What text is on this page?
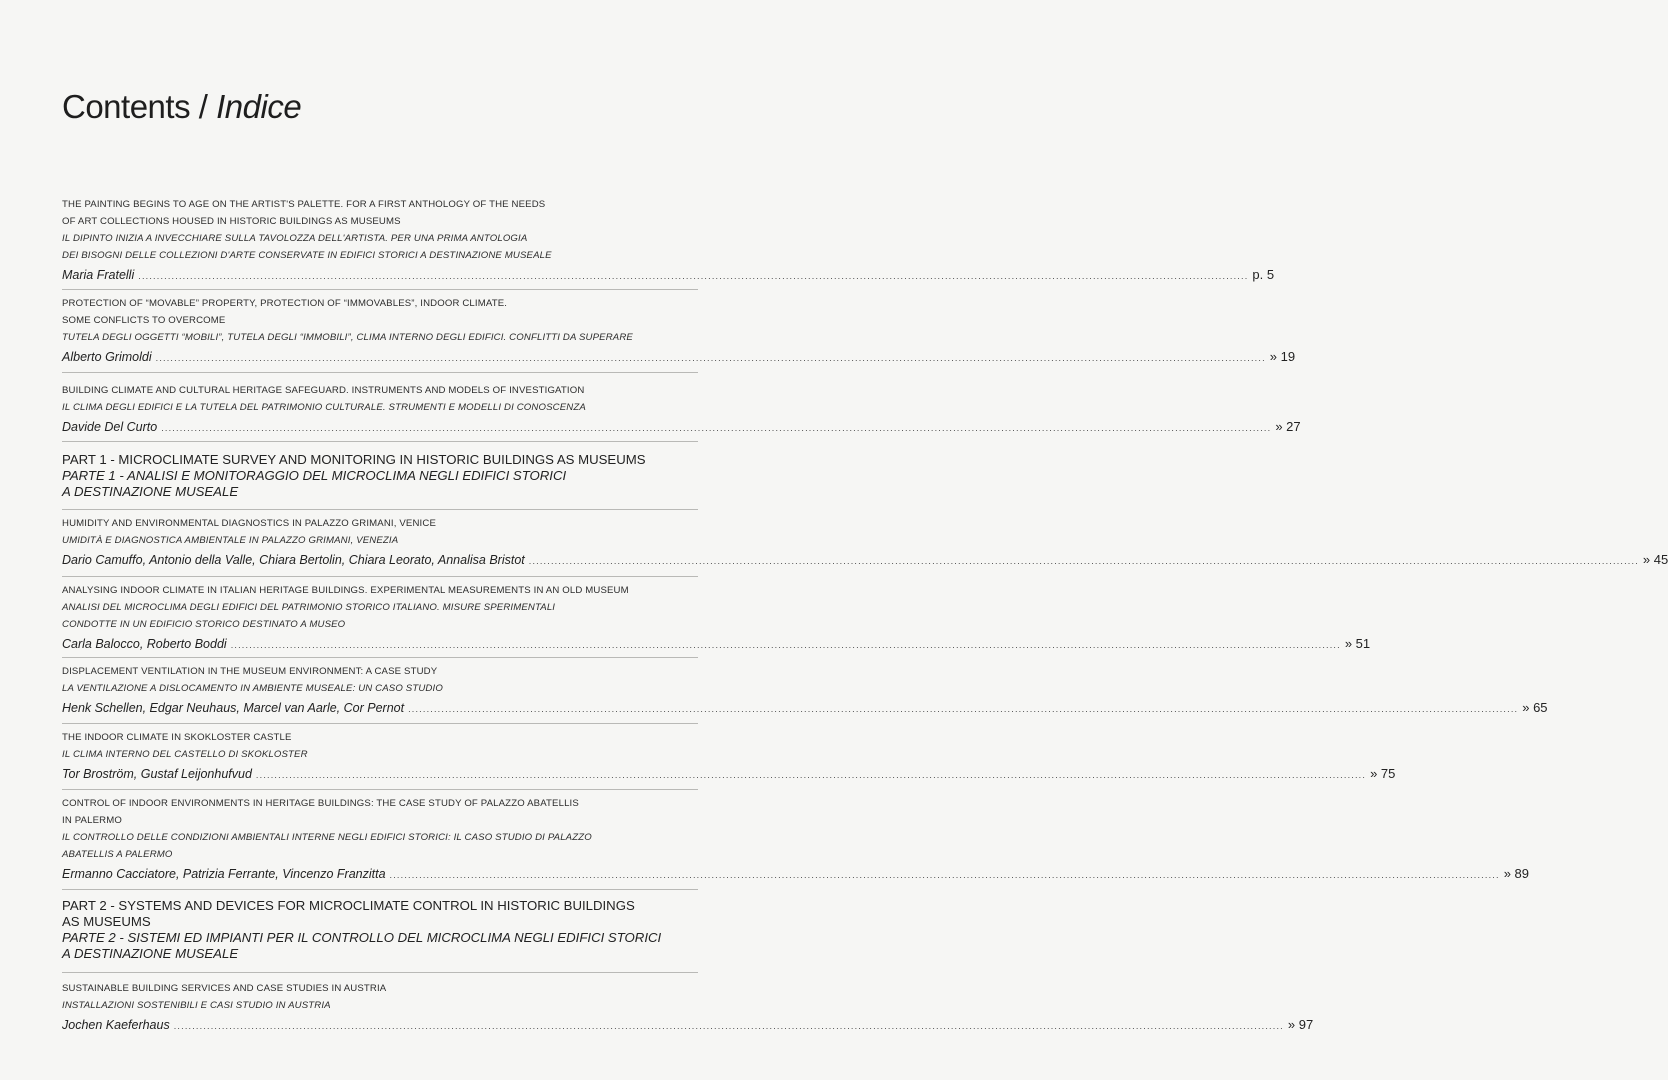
Contents / Indice
THE PAINTING BEGINS TO AGE ON THE ARTIST'S PALETTE. FOR A FIRST ANTHOLOGY OF THE NEEDS
OF ART COLLECTIONS HOUSED IN HISTORIC BUILDINGS AS MUSEUMS
IL DIPINTO INIZIA A INVECCHIARE SULLA TAVOLOZZA DELL'ARTISTA. PER UNA PRIMA ANTOLOGIA
DEI BISOGNI DELLE COLLEZIONI D'ARTE CONSERVATE IN EDIFICI STORICI A DESTINAZIONE MUSEALE
Maria Fratelli ............................................................................................................................................................................................................................................................................................................ p. 5
PROTECTION OF “MOVABLE” PROPERTY, PROTECTION OF “IMMOVABLES”, INDOOR CLIMATE.
SOME CONFLICTS TO OVERCOME
TUTELA DEGLI OGGETTI “MOBILI”, TUTELA DEGLI “IMMOBILI”, CLIMA INTERNO DEGLI EDIFICI. CONFLITTI DA SUPERARE
Alberto Grimoldi ............................................................................................................................................................................................................................................................................................................ » 19
BUILDING CLIMATE AND CULTURAL HERITAGE SAFEGUARD. INSTRUMENTS AND MODELS OF INVESTIGATION
IL CLIMA DEGLI EDIFICI E LA TUTELA DEL PATRIMONIO CULTURALE. STRUMENTI E MODELLI DI CONOSCENZA
Davide Del Curto ............................................................................................................................................................................................................................................................................................................ » 27
PART 1 - MICROCLIMATE SURVEY AND MONITORING IN HISTORIC BUILDINGS AS MUSEUMS
PARTE 1 - ANALISI E MONITORAGGIO DEL MICROCLIMA NEGLI EDIFICI STORICI
A DESTINAZIONE MUSEALE
HUMIDITY AND ENVIRONMENTAL DIAGNOSTICS IN PALAZZO GRIMANI, VENICE
UMIDITÀ E DIAGNOSTICA AMBIENTALE IN PALAZZO GRIMANI, VENEZIA
Dario Camuffo, Antonio della Valle, Chiara Bertolin, Chiara Leorato, Annalisa Bristot ............................................................................................................................................................................................................................................................................................................ » 45
ANALYSING INDOOR CLIMATE IN ITALIAN HERITAGE BUILDINGS. EXPERIMENTAL MEASUREMENTS IN AN OLD MUSEUM
ANALISI DEL MICROCLIMA DEGLI EDIFICI DEL PATRIMONIO STORICO ITALIANO. MISURE SPERIMENTALI
CONDOTTE IN UN EDIFICIO STORICO DESTINATO A MUSEO
Carla Balocco, Roberto Boddi ............................................................................................................................................................................................................................................................................................................ » 51
DISPLACEMENT VENTILATION IN THE MUSEUM ENVIRONMENT: A CASE STUDY
LA VENTILAZIONE A DISLOCAMENTO IN AMBIENTE MUSEALE: UN CASO STUDIO
Henk Schellen, Edgar Neuhaus, Marcel van Aarle, Cor Pernot ............................................................................................................................................................................................................................................................................................................ » 65
THE INDOOR CLIMATE IN SKOKLOSTER CASTLE
IL CLIMA INTERNO DEL CASTELLO DI SKOKLOSTER
Tor Broström, Gustaf Leijonhufvud ............................................................................................................................................................................................................................................................................................................ » 75
CONTROL OF INDOOR ENVIRONMENTS IN HERITAGE BUILDINGS: THE CASE STUDY OF PALAZZO ABATELLIS
IN PALERMO
IL CONTROLLO DELLE CONDIZIONI AMBIENTALI INTERNE NEGLI EDIFICI STORICI: IL CASO STUDIO DI PALAZZO
ABATELLIS A PALERMO
Ermanno Cacciatore, Patrizia Ferrante, Vincenzo Franzitta ............................................................................................................................................................................................................................................................................................................ » 89
PART 2 - SYSTEMS AND DEVICES FOR MICROCLIMATE CONTROL IN HISTORIC BUILDINGS
AS MUSEUMS
PARTE 2 - SISTEMI ED IMPIANTI PER IL CONTROLLO DEL MICROCLIMA NEGLI EDIFICI STORICI
A DESTINAZIONE MUSEALE
SUSTAINABLE BUILDING SERVICES AND CASE STUDIES IN AUSTRIA
INSTALLAZIONI SOSTENIBILI E CASI STUDIO IN AUSTRIA
Jochen Kaeferhaus ............................................................................................................................................................................................................................................................................................................ » 97
